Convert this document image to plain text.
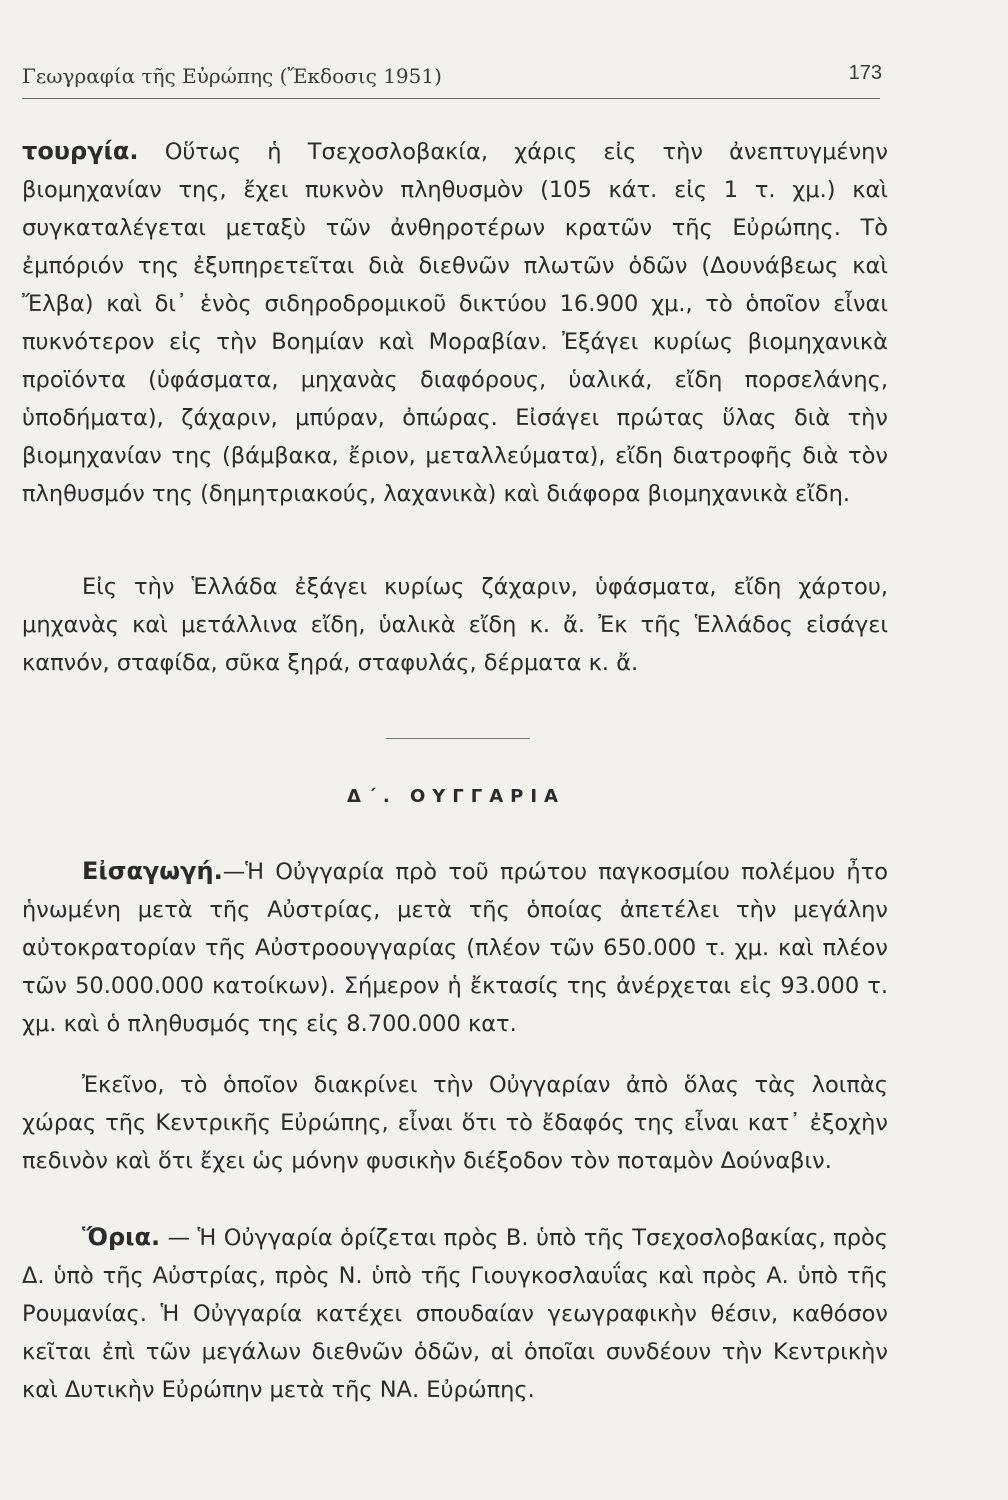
Γεωγραφία τῆς Εὐρώπης (Ἔκδοσις 1951)	173

τουργία. Οὕτως ἡ Τσεχοσλοβακία, χάρις εἰς τὴν ἀνεπτυγμένην βιομηχανίαν της, ἔχει πυκνὸν πληθυσμὸν (105 κάτ. εἰς 1 τ. χμ.) καὶ συγκαταλέγεται μεταξὺ τῶν ἀνθηροτέρων κρατῶν τῆς Εὐρώπης. Τὸ ἐμπόριόν της ἐξυπηρετεῖται διὰ διεθνῶν πλωτῶν ὁδῶν (Δουνάβεως καὶ Ἔλβα) καὶ δι᾽ ἑνὸς σιδηροδρομικοῦ δικτύου 16.900 χμ., τὸ ὁποῖον εἶναι πυκνότερον εἰς τὴν Βοημίαν καὶ Μοραβίαν. Ἐξάγει κυρίως βιομηχανικὰ προϊόντα (ὑφάσματα, μηχανὰς διαφόρους, ὑαλικά, εἴδη πορσελάνης, ὑποδήματα), ζάχαριν, μπύραν, ὀπώρας. Εἰσάγει πρώτας ὕλας διὰ τὴν βιομηχανίαν της (βάμβακα, ἔριον, μεταλλεύματα), εἴδη διατροφῆς διὰ τὸν πληθυσμόν της (δημητριακούς, λαχανικὰ) καὶ διάφορα βιομηχανικὰ εἴδη.

Εἰς τὴν Ἑλλάδα ἐξάγει κυρίως ζάχαριν, ὑφάσματα, εἴδη χάρτου, μηχανὰς καὶ μετάλλινα εἴδη, ὑαλικὰ εἴδη κ. ἄ. Ἐκ τῆς Ἑλλάδος εἰσάγει καπνόν, σταφίδα, σῦκα ξηρά, σταφυλάς, δέρματα κ. ἄ.

Δ΄. ΟΥΓΓΑΡΙΑ

Εἰσαγωγή.—Ἡ Οὐγγαρία πρὸ τοῦ πρώτου παγκοσμίου πολέμου ἦτο ἡνωμένη μετὰ τῆς Αὐστρίας, μετὰ τῆς ὁποίας ἀπετέλει τὴν μεγάλην αὐτοκρατορίαν τῆς Αὐστροουγγαρίας (πλέον τῶν 650.000 τ. χμ. καὶ πλέον τῶν 50.000.000 κατοίκων). Σήμερον ἡ ἔκτασίς της ἀνέρχεται εἰς 93.000 τ. χμ. καὶ ὁ πληθυσμός της εἰς 8.700.000 κατ.

Ἐκεῖνο, τὸ ὁποῖον διακρίνει τὴν Οὐγγαρίαν ἀπὸ ὅλας τὰς λοιπὰς χώρας τῆς Κεντρικῆς Εὐρώπης, εἶναι ὅτι τὸ ἔδαφός της εἶναι κατ᾽ ἐξοχὴν πεδινὸν καὶ ὅτι ἔχει ὡς μόνην φυσικὴν διέξοδον τὸν ποταμὸν Δούναβιν.

Ὅρια. — Ἡ Οὐγγαρία ὁρίζεται πρὸς Β. ὑπὸ τῆς Τσεχοσλοβακίας, πρὸς Δ. ὑπὸ τῆς Αὐστρίας, πρὸς Ν. ὑπὸ τῆς Γιουγκοσλαυΐας καὶ πρὸς Α. ὑπὸ τῆς Ρουμανίας. Ἡ Οὐγγαρία κατέχει σπουδαίαν γεωγραφικὴν θέσιν, καθόσον κεῖται ἐπὶ τῶν μεγάλων διεθνῶν ὁδῶν, αἱ ὁποῖαι συνδέουν τὴν Κεντρικὴν καὶ Δυτικὴν Εὐρώπην μετὰ τῆς ΝΑ. Εὐρώπης.
